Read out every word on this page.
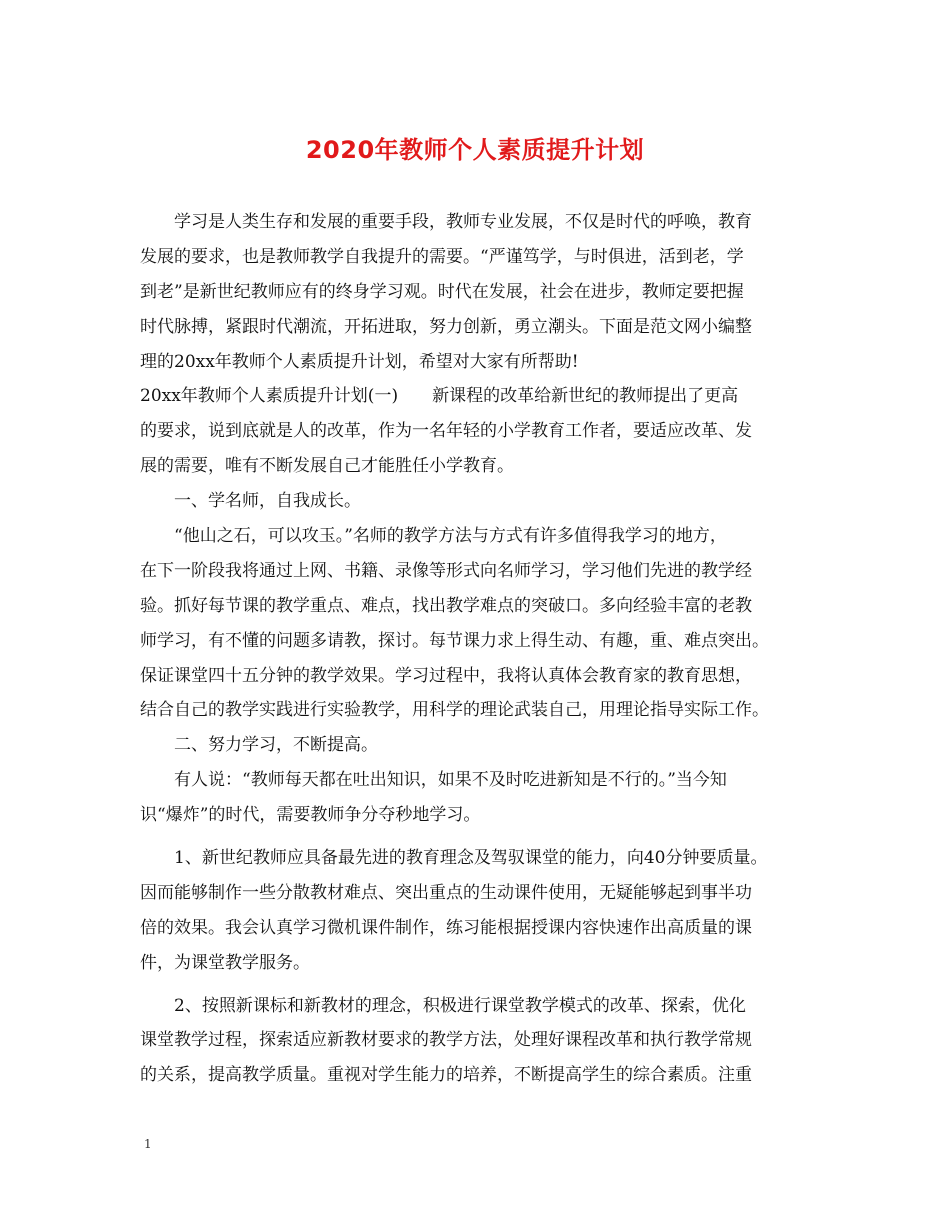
2020年教师个人素质提升计划
　　学习是人类生存和发展的重要手段，教师专业发展，不仅是时代的呼唤，教育
发展的要求，也是教师教学自我提升的需要。“严谨笃学，与时俱进，活到老，学
到老”是新世纪教师应有的终身学习观。时代在发展，社会在进步，教师定要把握
时代脉搏，紧跟时代潮流，开拓进取，努力创新，勇立潮头。下面是范文网小编整
理的20xx年教师个人素质提升计划，希望对大家有所帮助!
20xx年教师个人素质提升计划(一)　　新课程的改革给新世纪的教师提出了更高
的要求，说到底就是人的改革，作为一名年轻的小学教育工作者，要适应改革、发
展的需要，唯有不断发展自己才能胜任小学教育。
　　一、学名师，自我成长。
　　“他山之石，可以攻玉。”名师的教学方法与方式有许多值得我学习的地方，
在下一阶段我将通过上网、书籍、录像等形式向名师学习，学习他们先进的教学经
验。抓好每节课的教学重点、难点，找出教学难点的突破口。多向经验丰富的老教
师学习，有不懂的问题多请教，探讨。每节课力求上得生动、有趣，重、难点突出。
保证课堂四十五分钟的教学效果。学习过程中，我将认真体会教育家的教育思想，
结合自己的教学实践进行实验教学，用科学的理论武装自己，用理论指导实际工作。
　　二、努力学习，不断提高。
　　有人说：“教师每天都在吐出知识，如果不及时吃进新知是不行的。”当今知
识“爆炸”的时代，需要教师争分夺秒地学习。
　　1、新世纪教师应具备最先进的教育理念及驾驭课堂的能力，向40分钟要质量。
因而能够制作一些分散教材难点、突出重点的生动课件使用，无疑能够起到事半功
倍的效果。我会认真学习微机课件制作，练习能根据授课内容快速作出高质量的课
件，为课堂教学服务。
　　2、按照新课标和新教材的理念，积极进行课堂教学模式的改革、探索，优化
课堂教学过程，探索适应新教材要求的教学方法，处理好课程改革和执行教学常规
的关系，提高教学质量。重视对学生能力的培养，不断提高学生的综合素质。注重
1
